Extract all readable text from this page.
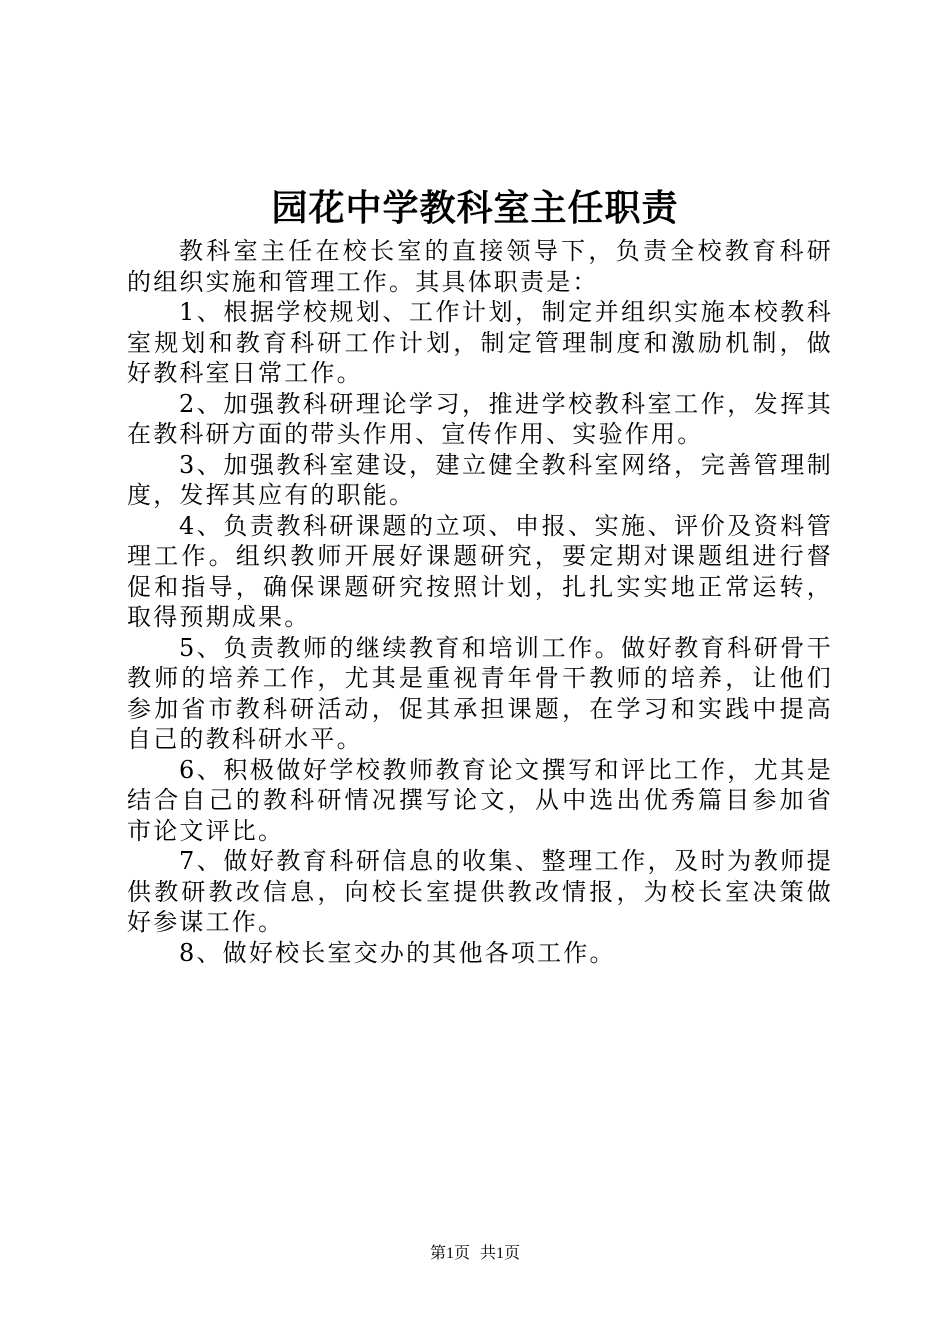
园花中学教科室主任职责

教科室主任在校长室的直接领导下，负责全校教育科研的组织实施和管理工作。其具体职责是：

1、根据学校规划、工作计划，制定并组织实施本校教科室规划和教育科研工作计划，制定管理制度和激励机制，做好教科室日常工作。

2、加强教科研理论学习，推进学校教科室工作，发挥其在教科研方面的带头作用、宣传作用、实验作用。

3、加强教科室建设，建立健全教科室网络，完善管理制度，发挥其应有的职能。

4、负责教科研课题的立项、申报、实施、评价及资料管理工作。组织教师开展好课题研究，要定期对课题组进行督促和指导，确保课题研究按照计划，扎扎实实地正常运转，取得预期成果。

5、负责教师的继续教育和培训工作。做好教育科研骨干教师的培养工作，尤其是重视青年骨干教师的培养，让他们参加省市教科研活动，促其承担课题，在学习和实践中提高自己的教科研水平。

6、积极做好学校教师教育论文撰写和评比工作，尤其是结合自己的教科研情况撰写论文，从中选出优秀篇目参加省市论文评比。

7、做好教育科研信息的收集、整理工作，及时为教师提供教研教改信息，向校长室提供教改情报，为校长室决策做好参谋工作。

8、做好校长室交办的其他各项工作。

第1页 共1页
